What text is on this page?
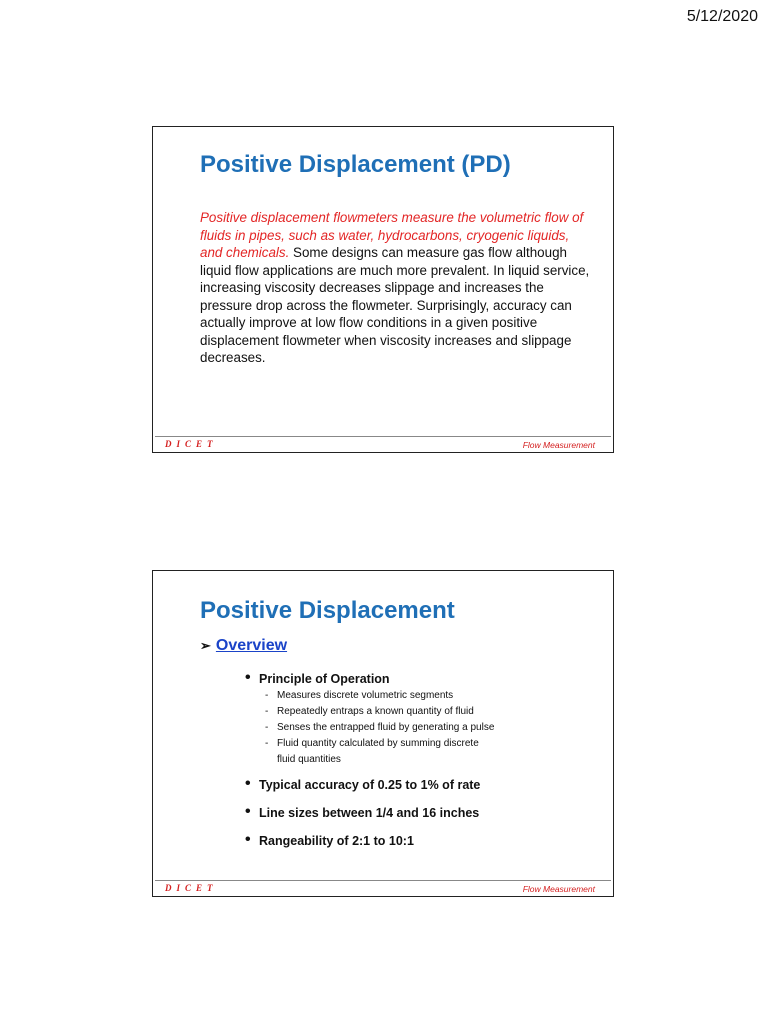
5/12/2020
Positive Displacement (PD)
Positive displacement flowmeters measure the volumetric flow of fluids in pipes, such as water, hydrocarbons, cryogenic liquids, and chemicals. Some designs can measure gas flow although liquid flow applications are much more prevalent. In liquid service, increasing viscosity decreases slippage and increases the pressure drop across the flowmeter. Surprisingly, accuracy can actually improve at low flow conditions in a given positive displacement flowmeter when viscosity increases and slippage decreases.
DICET	Flow Measurement
Positive Displacement
➢ Overview
• Principle of Operation
- Measures discrete volumetric segments
- Repeatedly entraps a known quantity of fluid
- Senses the entrapped fluid by generating a pulse
- Fluid quantity calculated by summing discrete fluid quantities
• Typical accuracy of 0.25 to 1% of rate
• Line sizes between 1/4 and 16 inches
• Rangeability of 2:1 to 10:1
DICET	Flow Measurement
